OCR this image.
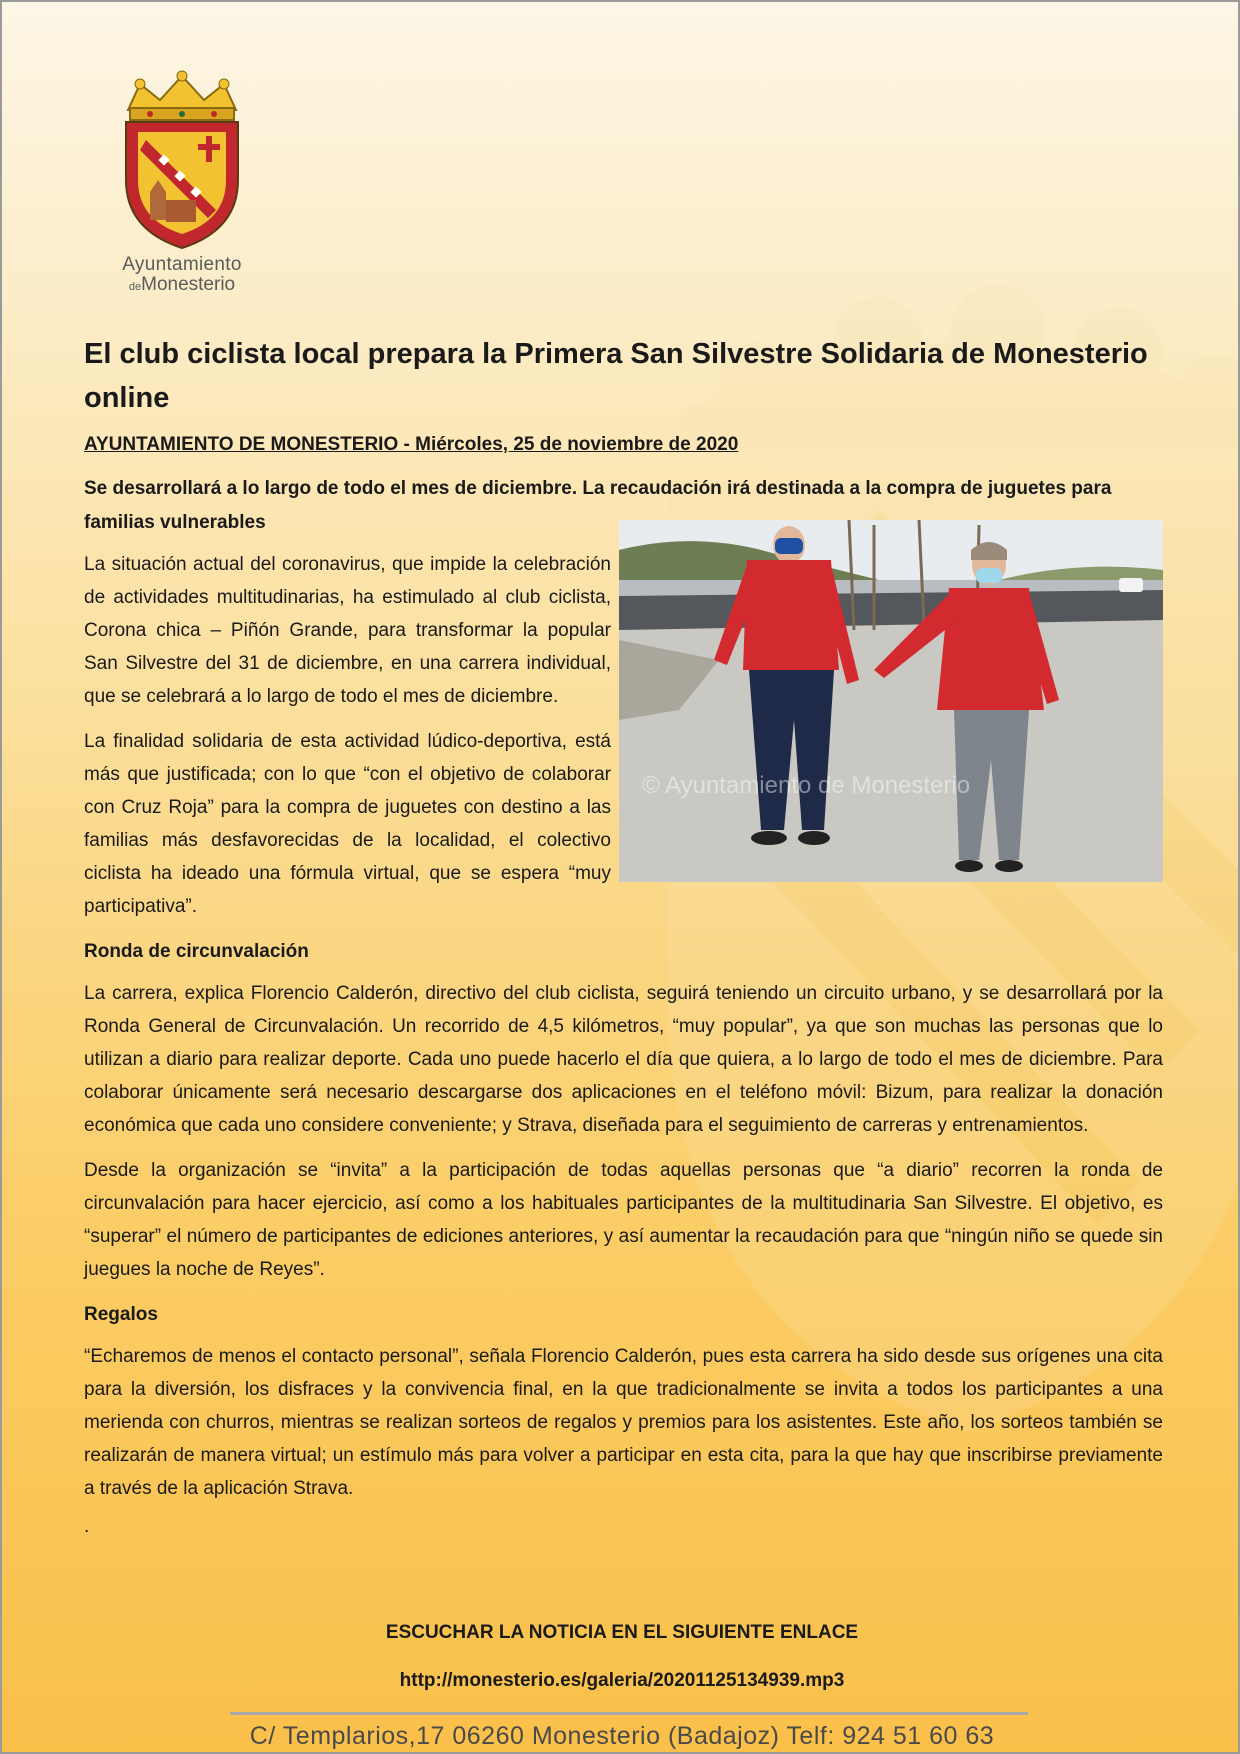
Ayuntamiento
deMonesterio
El club ciclista local prepara la Primera San Silvestre Solidaria de Monesterio online
AYUNTAMIENTO DE MONESTERIO - Miércoles, 25 de noviembre de 2020
Se desarrollará a lo largo de todo el mes de diciembre. La recaudación irá destinada a la compra de juguetes para familias vulnerables

La situación actual del coronavirus, que impide la celebración de actividades multitudinarias, ha estimulado al club ciclista, Corona chica – Piñón Grande, para transformar la popular San Silvestre del 31 de diciembre, en una carrera individual, que se celebrará a lo largo de todo el mes de diciembre.

La finalidad solidaria de esta actividad lúdico-deportiva, está más que justificada; con lo que “con el objetivo de colaborar con Cruz Roja” para la compra de juguetes con destino a las familias más desfavorecidas de la localidad, el colectivo ciclista ha ideado una fórmula virtual, que se espera “muy participativa”.

Ronda de circunvalación

La carrera, explica Florencio Calderón, directivo del club ciclista, seguirá teniendo un circuito urbano, y se desarrollará por la Ronda General de Circunvalación. Un recorrido de 4,5 kilómetros, “muy popular”, ya que son muchas las personas que lo utilizan a diario para realizar deporte. Cada uno puede hacerlo el día que quiera, a lo largo de todo el mes de diciembre. Para colaborar únicamente será necesario descargarse dos aplicaciones en el teléfono móvil: Bizum, para realizar la donación económica que cada uno considere conveniente; y Strava, diseñada para el seguimiento de carreras y entrenamientos.

Desde la organización se “invita” a la participación de todas aquellas personas que “a diario” recorren la ronda de circunvalación para hacer ejercicio, así como a los habituales participantes de la multitudinaria San Silvestre. El objetivo, es “superar” el número de participantes de ediciones anteriores, y así aumentar la recaudación para que “ningún niño se quede sin juegues la noche de Reyes”.

Regalos

“Echaremos de menos el contacto personal”, señala Florencio Calderón, pues esta carrera ha sido desde sus orígenes una cita para la diversión, los disfraces y la convivencia final, en la que tradicionalmente se invita a todos los participantes a una merienda con churros, mientras se realizan sorteos de regalos y premios para los asistentes. Este año, los sorteos también se realizarán de manera virtual; un estímulo más para volver a participar en esta cita, para la que hay que inscribirse previamente a través de la aplicación Strava.

.
ESCUCHAR LA NOTICIA EN EL SIGUIENTE ENLACE
http://monesterio.es/galeria/20201125134939.mp3
C/ Templarios,17 06260 Monesterio (Badajoz) Telf: 924 51 60 63
© Ayuntamiento de Monesterio
